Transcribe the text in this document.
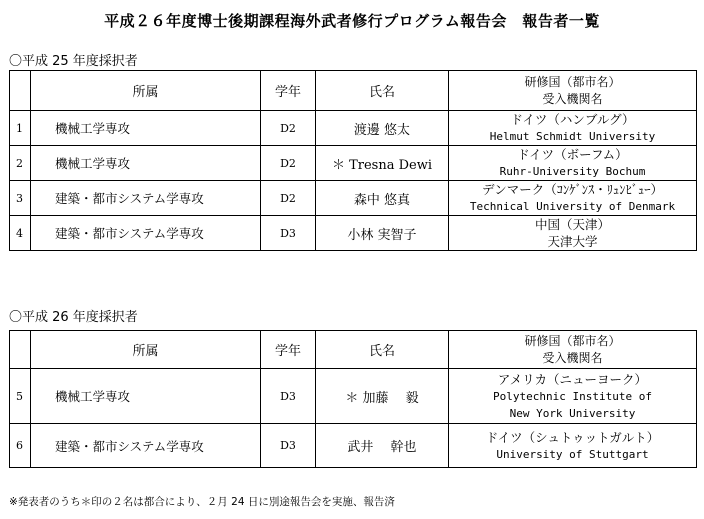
平成２６年度博士後期課程海外武者修行プログラム報告会　報告者一覧
〇平成 25 年度採択者
	所属	学年	氏名	研修国（都市名）
受入機関名

1	機械工学専攻	D2	渡邊 悠太	ドイツ（ハンブルグ）
Helmut Schmidt University

2	機械工学専攻	D2	＊ Tresna Dewi	ドイツ（ボーフム）
Ruhr-University Bochum

3	建築・都市システム学専攻	D2	森中 悠真	デンマーク（ｺﾝｹﾞﾝｽ・ﾘｭﾝﾋﾞｭｰ）
Technical University of Denmark

4	建築・都市システム学専攻	D3	小林 実智子	中国（天津）
天津大学
〇平成 26 年度採択者
	所属	学年	氏名	研修国（都市名）
受入機関名

5	機械工学専攻	D3	＊ 加藤　 毅	アメリカ（ニューヨーク）
Polytechnic Institute of
New York University

6	建築・都市システム学専攻	D3	武井　 幹也	ドイツ（シュトゥットガルト）
University of Stuttgart
※発表者のうち＊印の２名は都合により、２月 24 日に別途報告会を実施、報告済
